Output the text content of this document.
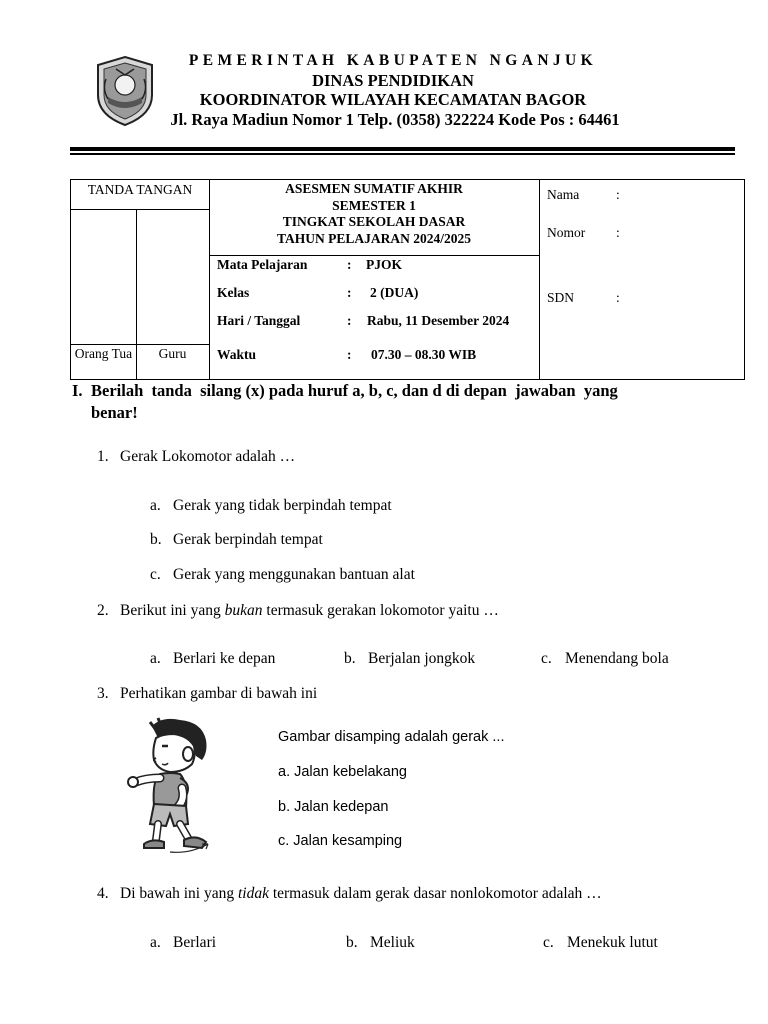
PEMERINTAH KABUPATEN NGANJUK
DINAS PENDIDIKAN
KOORDINATOR WILAYAH KECAMATAN BAGOR
Jl. Raya Madiun Nomor 1 Telp. (0358) 322224 Kode Pos : 64461
TANDA TANGAN
Orang Tua	Guru
ASESMEN SUMATIF AKHIR
SEMESTER 1
TINGKAT SEKOLAH DASAR
TAHUN PELAJARAN 2024/2025
Mata Pelajaran	: PJOK
Kelas	: 2 (DUA)
Hari / Tanggal	: Rabu, 11 Desember 2024
Waktu	: 07.30 – 08.30 WIB
Nama	:
Nomor :
SDN	:
I. Berilah  tanda  silang (x) pada huruf a, b, c, dan d di depan  jawaban  yang
benar!
1. Gerak Lokomotor adalah …
a. Gerak yang tidak berpindah tempat
b. Gerak berpindah tempat
c. Gerak yang menggunakan bantuan alat
2. Berikut ini yang bukan termasuk gerakan lokomotor yaitu …
a. Berlari ke depan	b. Berjalan jongkok	c. Menendang bola
3. Perhatikan gambar di bawah ini
Gambar disamping adalah gerak ...
a. Jalan kebelakang
b. Jalan kedepan
c. Jalan kesamping
4. Di bawah ini yang tidak termasuk dalam gerak dasar nonlokomotor adalah …
a. Berlari	b. Meliuk	c. Menekuk lutut
